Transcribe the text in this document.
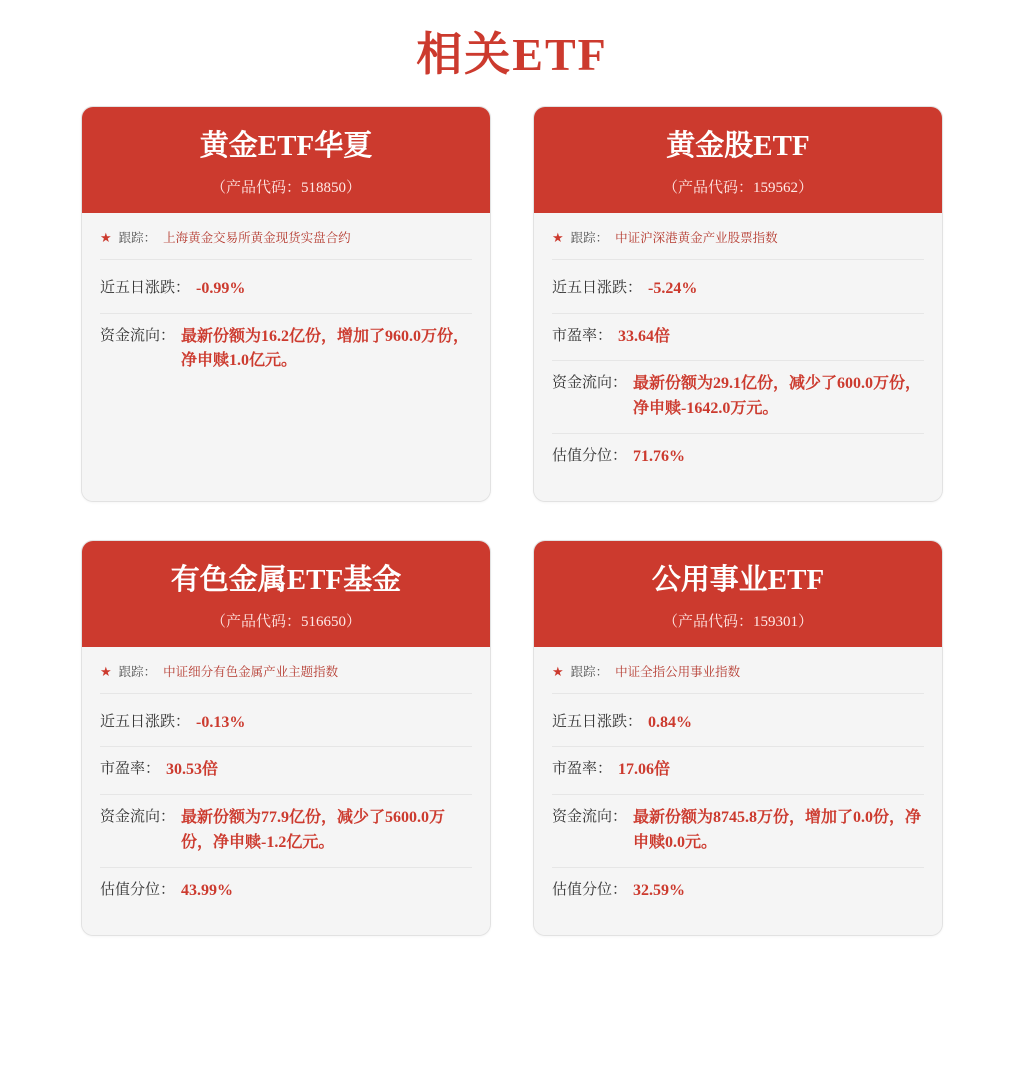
相关ETF
黄金ETF华夏
（产品代码：518850）
★ 跟踪： 上海黄金交易所黄金现货实盘合约
近五日涨跌： -0.99%
资金流向： 最新份额为16.2亿份，增加了960.0万份，净申赎1.0亿元。
黄金股ETF
（产品代码：159562）
★ 跟踪： 中证沪深港黄金产业股票指数
近五日涨跌： -5.24%
市盈率： 33.64倍
资金流向： 最新份额为29.1亿份，减少了600.0万份，净申赎-1642.0万元。
估值分位： 71.76%
有色金属ETF基金
（产品代码：516650）
★ 跟踪： 中证细分有色金属产业主题指数
近五日涨跌： -0.13%
市盈率： 30.53倍
资金流向： 最新份额为77.9亿份，减少了5600.0万份，净申赎-1.2亿元。
估值分位： 43.99%
公用事业ETF
（产品代码：159301）
★ 跟踪： 中证全指公用事业指数
近五日涨跌： 0.84%
市盈率： 17.06倍
资金流向： 最新份额为8745.8万份，增加了0.0份，净申赎0.0元。
估值分位： 32.59%
